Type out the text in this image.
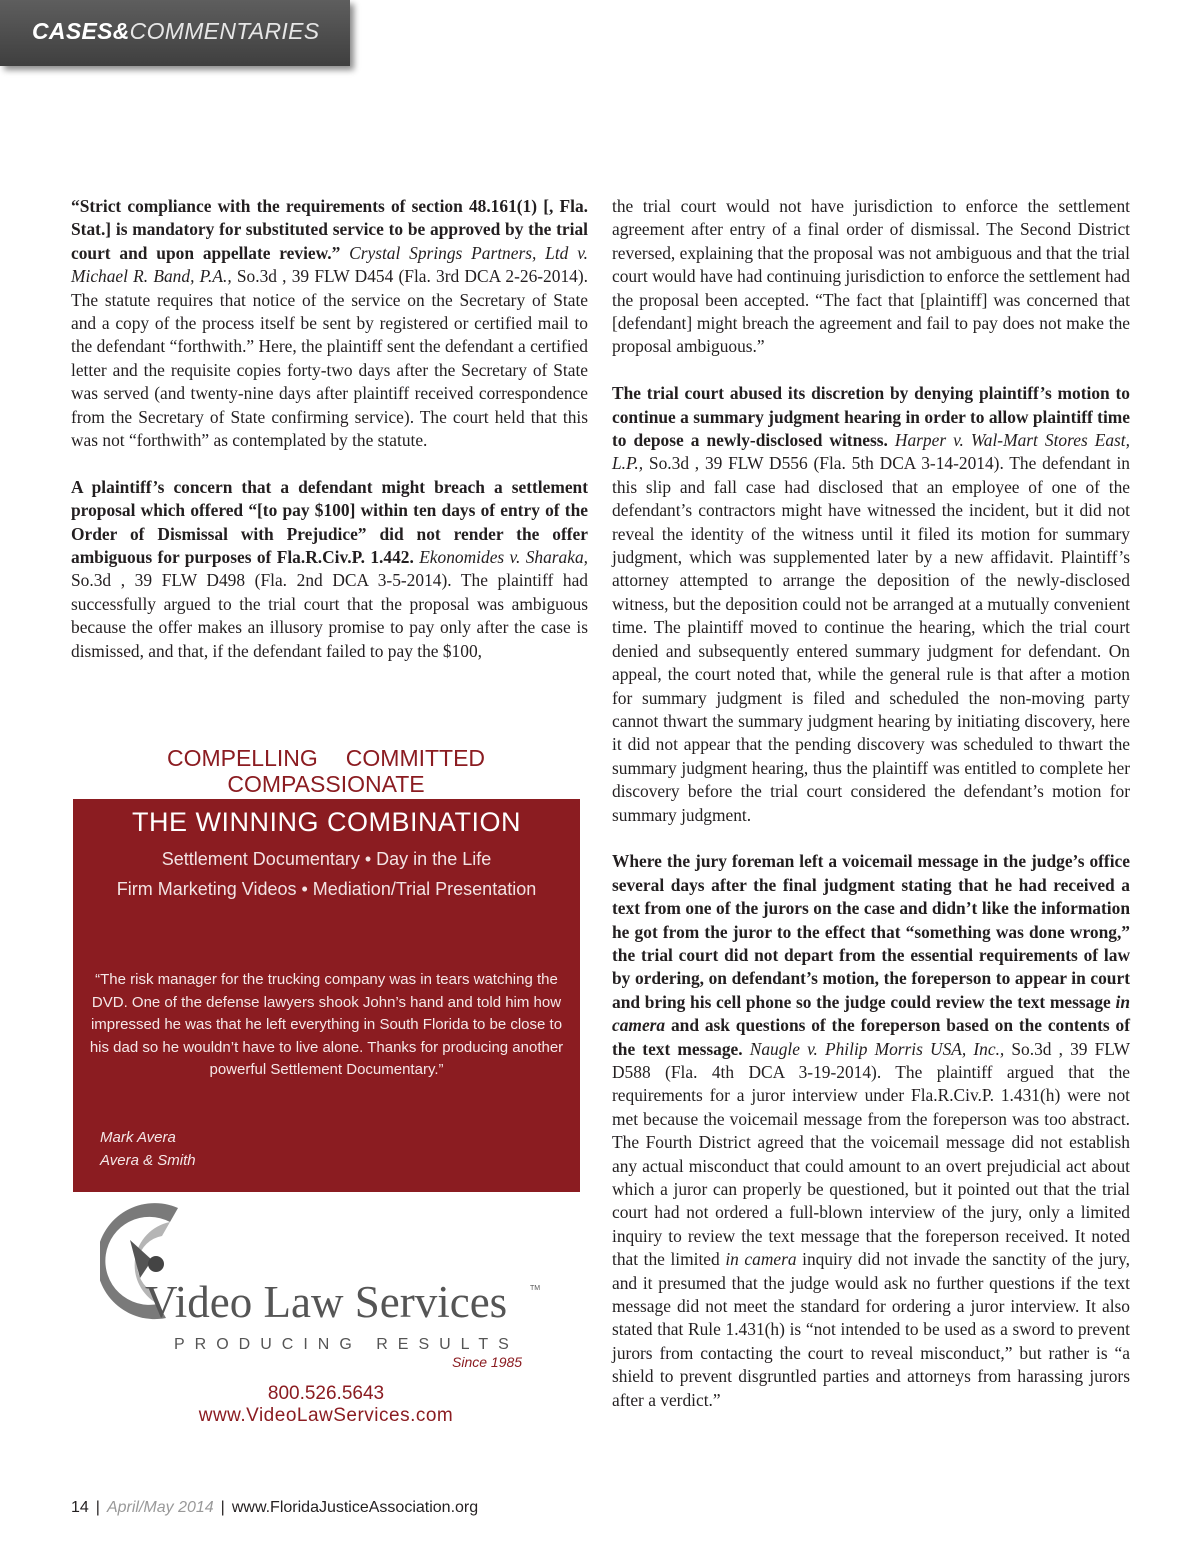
CASES&COMMENTARIES

“Strict compliance with the requirements of section 48.161(1) [, Fla. Stat.] is mandatory for substituted service to be approved by the trial court and upon appellate review.” Crystal Springs Partners, Ltd v. Michael R. Band, P.A., So.3d , 39 FLW D454 (Fla. 3rd DCA 2-26-2014). The statute requires that notice of the service on the Secretary of State and a copy of the process itself be sent by registered or certified mail to the defendant “forthwith.” Here, the plaintiff sent the defendant a certified letter and the requisite copies forty-two days after the Secretary of State was served (and twenty-nine days after plaintiff received correspondence from the Secretary of State confirming service). The court held that this was not “forthwith” as contemplated by the statute.

A plaintiff’s concern that a defendant might breach a settlement proposal which offered “[to pay $100] within ten days of entry of the Order of Dismissal with Prejudice” did not render the offer ambiguous for purposes of Fla.R.Civ.P. 1.442. Ekonomides v. Sharaka, So.3d , 39 FLW D498 (Fla. 2nd DCA 3-5-2014). The plaintiff had successfully argued to the trial court that the proposal was ambiguous because the offer makes an illusory promise to pay only after the case is dismissed, and that, if the defendant failed to pay the $100,

the trial court would not have jurisdiction to enforce the settlement agreement after entry of a final order of dismissal. The Second District reversed, explaining that the proposal was not ambiguous and that the trial court would have had continuing jurisdiction to enforce the settlement had the proposal been accepted. “The fact that [plaintiff] was concerned that [defendant] might breach the agreement and fail to pay does not make the proposal ambiguous.”

The trial court abused its discretion by denying plaintiff’s motion to continue a summary judgment hearing in order to allow plaintiff time to depose a newly-disclosed witness. Harper v. Wal-Mart Stores East, L.P., So.3d , 39 FLW D556 (Fla. 5th DCA 3-14-2014). The defendant in this slip and fall case had disclosed that an employee of one of the defendant’s contractors might have witnessed the incident, but it did not reveal the identity of the witness until it filed its motion for summary judgment, which was supplemented later by a new affidavit. Plaintiff’s attorney attempted to arrange the deposition of the newly-disclosed witness, but the deposition could not be arranged at a mutually convenient time. The plaintiff moved to continue the hearing, which the trial court denied and subsequently entered summary judgment for defendant. On appeal, the court noted that, while the general rule is that after a motion for summary judgment is filed and scheduled the non-moving party cannot thwart the summary judgment hearing by initiating discovery, here it did not appear that the pending discovery was scheduled to thwart the summary judgment hearing, thus the plaintiff was entitled to complete her discovery before the trial court considered the defendant’s motion for summary judgment.

Where the jury foreman left a voicemail message in the judge’s office several days after the final judgment stating that he had received a text from one of the jurors on the case and didn’t like the information he got from the juror to the effect that “something was done wrong,” the trial court did not depart from the essential requirements of law by ordering, on defendant’s motion, the foreperson to appear in court and bring his cell phone so the judge could review the text message in camera and ask questions of the foreperson based on the contents of the text message. Naugle v. Philip Morris USA, Inc., So.3d , 39 FLW D588 (Fla. 4th DCA 3-19-2014). The plaintiff argued that the requirements for a juror interview under Fla.R.Civ.P. 1.431(h) were not met because the voicemail message from the foreperson was too abstract. The Fourth District agreed that the voicemail message did not establish any actual misconduct that could amount to an overt prejudicial act about which a juror can properly be questioned, but it pointed out that the trial court had not ordered a full-blown interview of the jury, only a limited inquiry to review the text message that the foreperson received. It noted that the limited in camera inquiry did not invade the sanctity of the jury, and it presumed that the judge would ask no further questions if the text message did not meet the standard for ordering a juror interview. It also stated that Rule 1.431(h) is “not intended to be used as a sword to prevent jurors from contacting the court to reveal misconduct,” but rather is “a shield to prevent disgruntled parties and attorneys from harassing jurors after a verdict.”

COMPELLING COMMITTED
COMPASSIONATE
THE WINNING COMBINATION
Settlement Documentary • Day in the Life
Firm Marketing Videos • Mediation/Trial Presentation
“The risk manager for the trucking company was in tears watching the DVD. One of the defense lawyers shook John’s hand and told him how impressed he was that he left everything in South Florida to be close to his dad so he wouldn’t have to live alone. Thanks for producing another powerful Settlement Documentary.”
Mark Avera
Avera & Smith
Video Law Services	TM
PRODUCING RESULTS
Since 1985
800.526.5643
www.VideoLawServices.com
14 | April/May 2014 | www.FloridaJusticeAssociation.org
